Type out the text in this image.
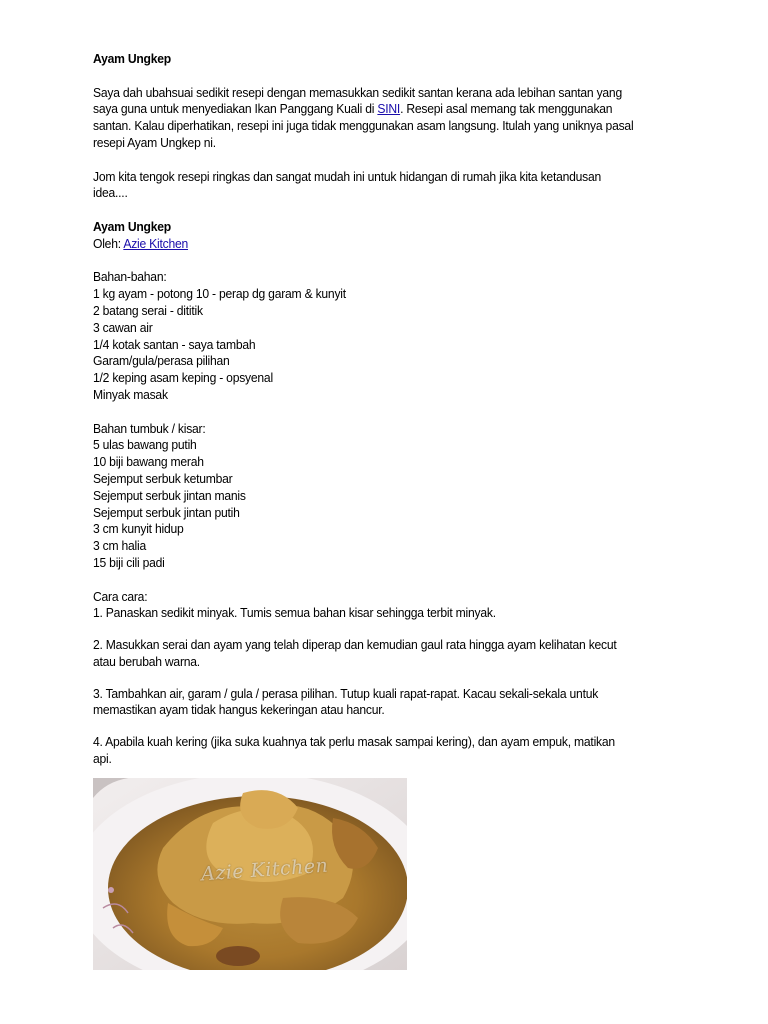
Ayam Ungkep

Saya dah ubahsuai sedikit resepi dengan memasukkan sedikit santan kerana ada lebihan santan yang saya guna untuk menyediakan Ikan Panggang Kuali di SINI. Resepi asal memang tak menggunakan santan. Kalau diperhatikan, resepi ini juga tidak menggunakan asam langsung. Itulah yang uniknya pasal resepi Ayam Ungkep ni.

Jom kita tengok resepi ringkas dan sangat mudah ini untuk hidangan di rumah jika kita ketandusan idea....

Ayam Ungkep

Oleh: Azie Kitchen

Bahan-bahan:

1 kg ayam - potong 10 - perap dg garam & kunyit

2 batang serai - dititik

3 cawan air

1/4 kotak santan - saya tambah

Garam/gula/perasa pilihan

1/2 keping asam keping - opsyenal

Minyak masak

Bahan tumbuk / kisar:

5 ulas bawang putih

10 biji bawang merah

Sejemput serbuk ketumbar

Sejemput serbuk jintan manis

Sejemput serbuk jintan putih

3 cm kunyit hidup

3 cm halia

15 biji cili padi

Cara cara:

1. Panaskan sedikit minyak. Tumis semua bahan kisar sehingga terbit minyak.

2. Masukkan serai dan ayam yang telah diperap dan kemudian gaul rata hingga ayam kelihatan kecut atau berubah warna.

3. Tambahkan air, garam / gula / perasa pilihan. Tutup kuali rapat-rapat. Kacau sekali-sekala untuk memastikan ayam tidak hangus kekeringan atau hancur.

4. Apabila kuah kering (jika suka kuahnya tak perlu masak sampai kering), dan ayam empuk, matikan api.

Azie Kitchen
